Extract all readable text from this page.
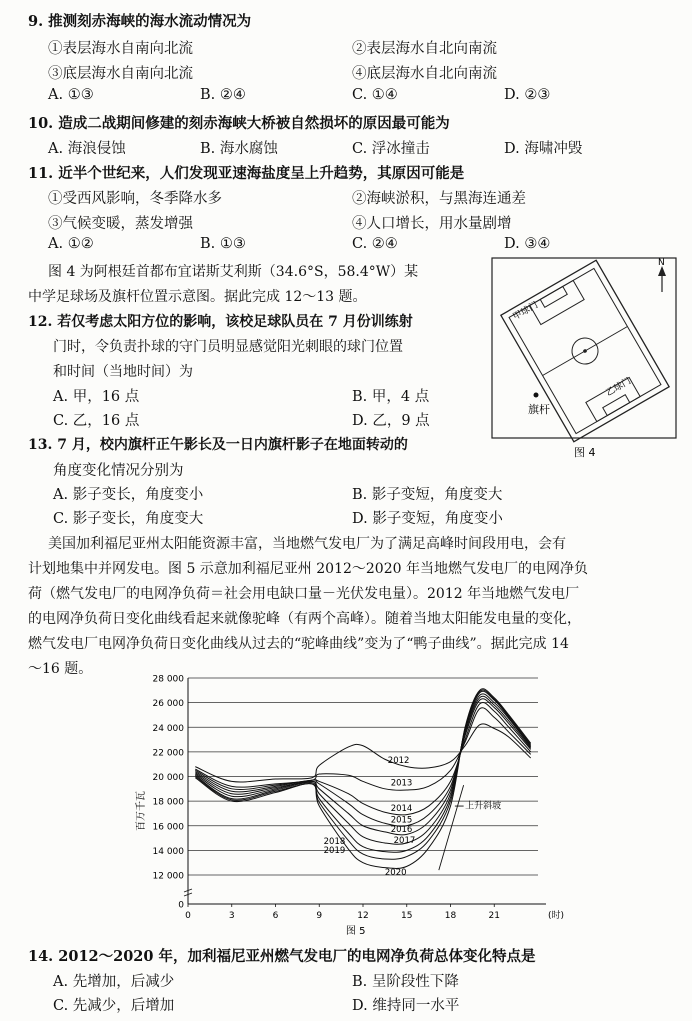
9. 推测刻赤海峡的海水流动情况为
①表层海水自南向北流	②表层海水自北向南流
③底层海水自南向北流	④底层海水自北向南流
A. ①③	B. ②④	C. ①④	D. ②③
10. 造成二战期间修建的刻赤海峡大桥被自然损坏的原因最可能为
A. 海浪侵蚀	B. 海水腐蚀	C. 浮冰撞击	D. 海啸冲毁
11. 近半个世纪来，人们发现亚速海盐度呈上升趋势，其原因可能是
①受西风影响，冬季降水多	②海峡淤积，与黑海连通差
③气候变暖，蒸发增强	④人口增长，用水量剧增
A. ①②	B. ①③	C. ②④	D. ③④
图 4 为阿根廷首都布宜诺斯艾利斯（34.6°S，58.4°W）某
中学足球场及旗杆位置示意图。据此完成 12～13 题。
12. 若仅考虑太阳方位的影响，该校足球队员在 7 月份训练射
门时，令负责扑球的守门员明显感觉阳光刺眼的球门位置
和时间（当地时间）为
A. 甲，16 点	B. 甲，4 点
C. 乙，16 点	D. 乙，9 点
13. 7 月，校内旗杆正午影长及一日内旗杆影子在地面转动的
角度变化情况分别为
A. 影子变长，角度变小	B. 影子变短，角度变大
C. 影子变长，角度变大	D. 影子变短，角度变小
N
甲球门
乙球门
旗杆
图 4
美国加利福尼亚州太阳能资源丰富，当地燃气发电厂为了满足高峰时间段用电，会有
计划地集中并网发电。图 5 示意加利福尼亚州 2012～2020 年当地燃气发电厂的电网净负
荷（燃气发电厂的电网净负荷＝社会用电缺口量－光伏发电量）。2012 年当地燃气发电厂
的电网净负荷日变化曲线看起来就像驼峰（有两个高峰）。随着当地太阳能发电量的变化，
燃气发电厂电网净负荷日变化曲线从过去的“驼峰曲线”变为了“鸭子曲线”。据此完成 14
～16 题。
0
12 000
14 000
16 000
18 000
20 000
22 000
24 000
26 000
28 000
0	3	6	9	12	15	18	21	(时)
百万千瓦
2012
2013
2014
2015
2016
2017
2018
2019
2020
上升斜坡
图 5
14. 2012～2020 年，加利福尼亚州燃气发电厂的电网净负荷总体变化特点是
A. 先增加，后减少	B. 呈阶段性下降
C. 先减少，后增加	D. 维持同一水平
